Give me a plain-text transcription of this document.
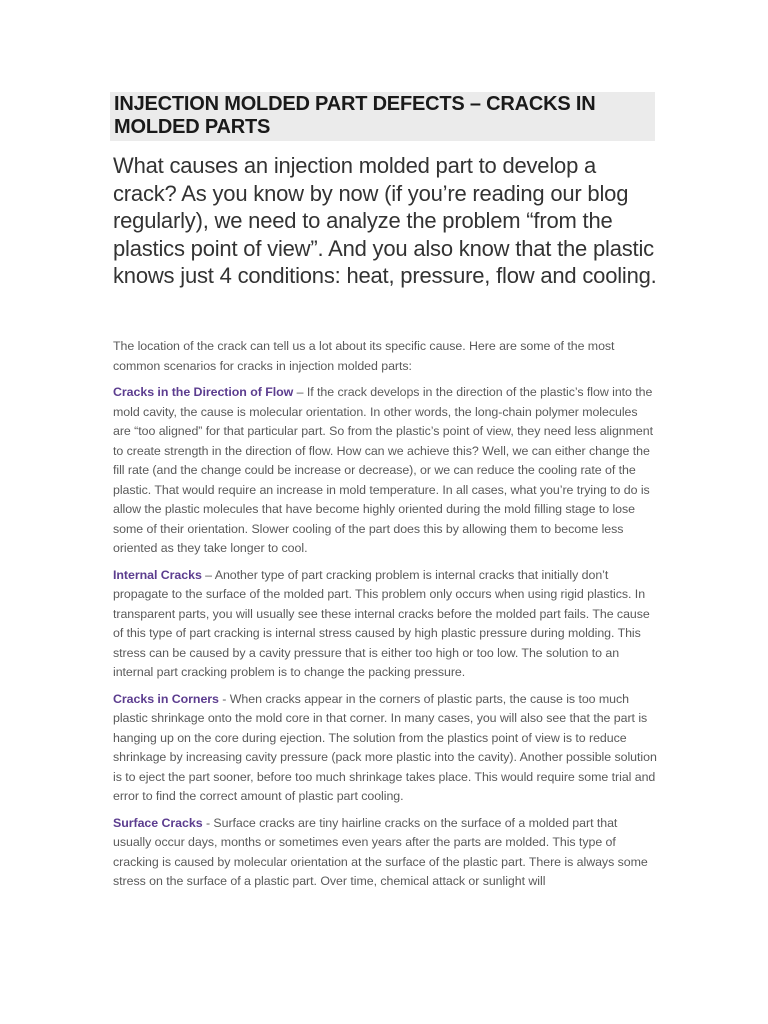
INJECTION MOLDED PART DEFECTS – CRACKS IN MOLDED PARTS

What causes an injection molded part to develop a crack? As you know by now (if you’re reading our blog regularly), we need to analyze the problem “from the plastics point of view”. And you also know that the plastic knows just 4 conditions: heat, pressure, flow and cooling.

The location of the crack can tell us a lot about its specific cause. Here are some of the most common scenarios for cracks in injection molded parts:

Cracks in the Direction of Flow – If the crack develops in the direction of the plastic’s flow into the mold cavity, the cause is molecular orientation. In other words, the long-chain polymer molecules are “too aligned” for that particular part. So from the plastic’s point of view, they need less alignment to create strength in the direction of flow. How can we achieve this? Well, we can either change the fill rate (and the change could be increase or decrease), or we can reduce the cooling rate of the plastic. That would require an increase in mold temperature. In all cases, what you’re trying to do is allow the plastic molecules that have become highly oriented during the mold filling stage to lose some of their orientation. Slower cooling of the part does this by allowing them to become less oriented as they take longer to cool.

Internal Cracks – Another type of part cracking problem is internal cracks that initially don’t propagate to the surface of the molded part. This problem only occurs when using rigid plastics. In transparent parts, you will usually see these internal cracks before the molded part fails. The cause of this type of part cracking is internal stress caused by high plastic pressure during molding. This stress can be caused by a cavity pressure that is either too high or too low. The solution to an internal part cracking problem is to change the packing pressure.

Cracks in Corners - When cracks appear in the corners of plastic parts, the cause is too much plastic shrinkage onto the mold core in that corner. In many cases, you will also see that the part is hanging up on the core during ejection. The solution from the plastics point of view is to reduce shrinkage by increasing cavity pressure (pack more plastic into the cavity). Another possible solution is to eject the part sooner, before too much shrinkage takes place. This would require some trial and error to find the correct amount of plastic part cooling.

Surface Cracks - Surface cracks are tiny hairline cracks on the surface of a molded part that usually occur days, months or sometimes even years after the parts are molded. This type of cracking is caused by molecular orientation at the surface of the plastic part. There is always some stress on the surface of a plastic part. Over time, chemical attack or sunlight will
